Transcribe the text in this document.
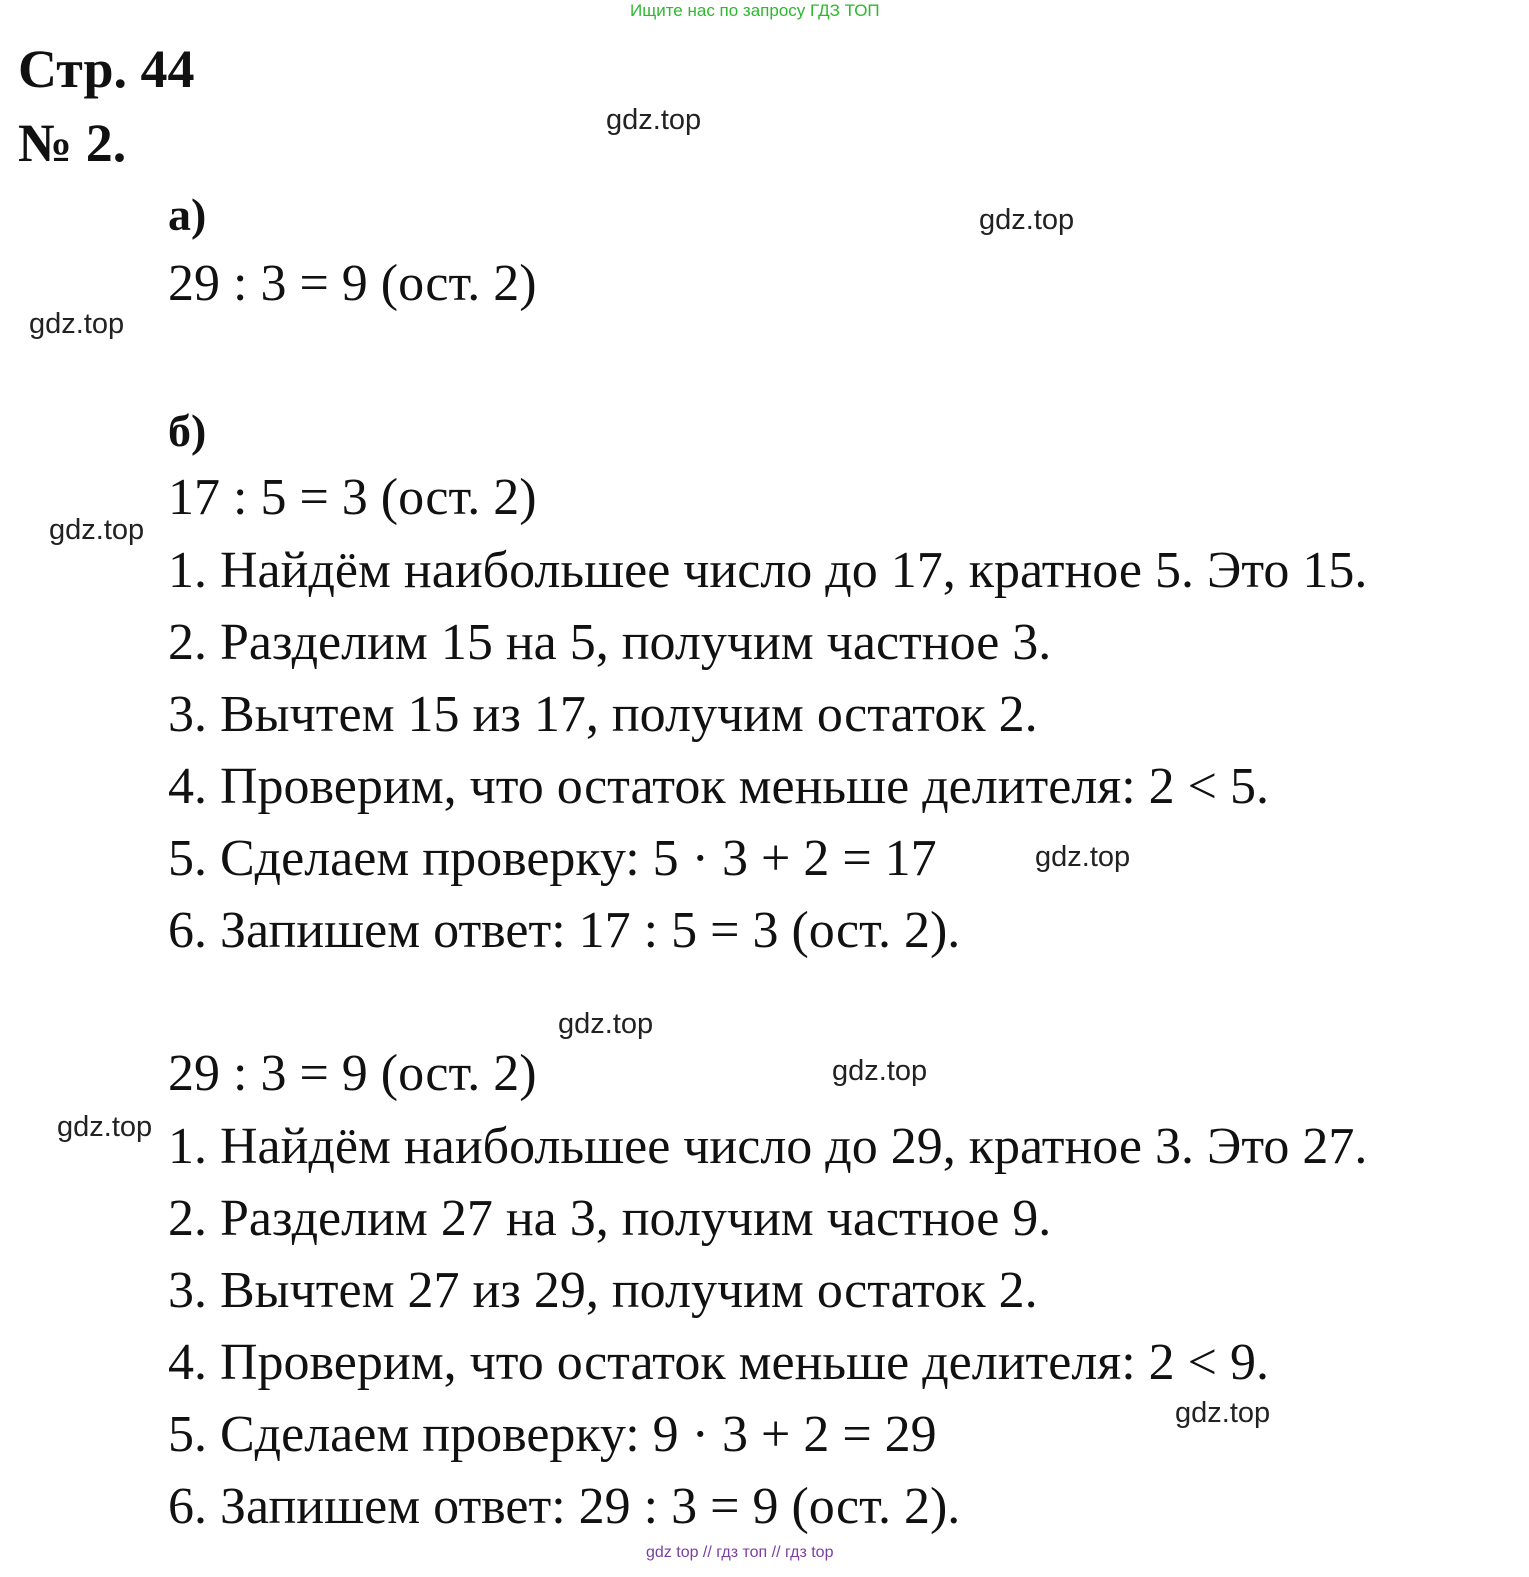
Ищите нас по запросу ГДЗ ТОП
Стр. 44
№ 2.
а)
29 : 3 = 9 (ост. 2)
б)
17 : 5 = 3 (ост. 2)
1. Найдём наибольшее число до 17, кратное 5. Это 15.
2. Разделим 15 на 5, получим частное 3.
3. Вычтем 15 из 17, получим остаток 2.
4. Проверим, что остаток меньше делителя: 2 < 5.
5. Сделаем проверку: 5 · 3 + 2 = 17
6. Запишем ответ: 17 : 5 = 3 (ост. 2).
29 : 3 = 9 (ост. 2)
1. Найдём наибольшее число до 29, кратное 3. Это 27.
2. Разделим 27 на 3, получим частное 9.
3. Вычтем 27 из 29, получим остаток 2.
4. Проверим, что остаток меньше делителя: 2 < 9.
5. Сделаем проверку: 9 · 3 + 2 = 29
6. Запишем ответ: 29 : 3 = 9 (ост. 2).
gdz.top
gdz.top
gdz.top
gdz.top
gdz.top
gdz.top
gdz.top
gdz.top
gdz.top
gdz top // гдз топ // гдз top
